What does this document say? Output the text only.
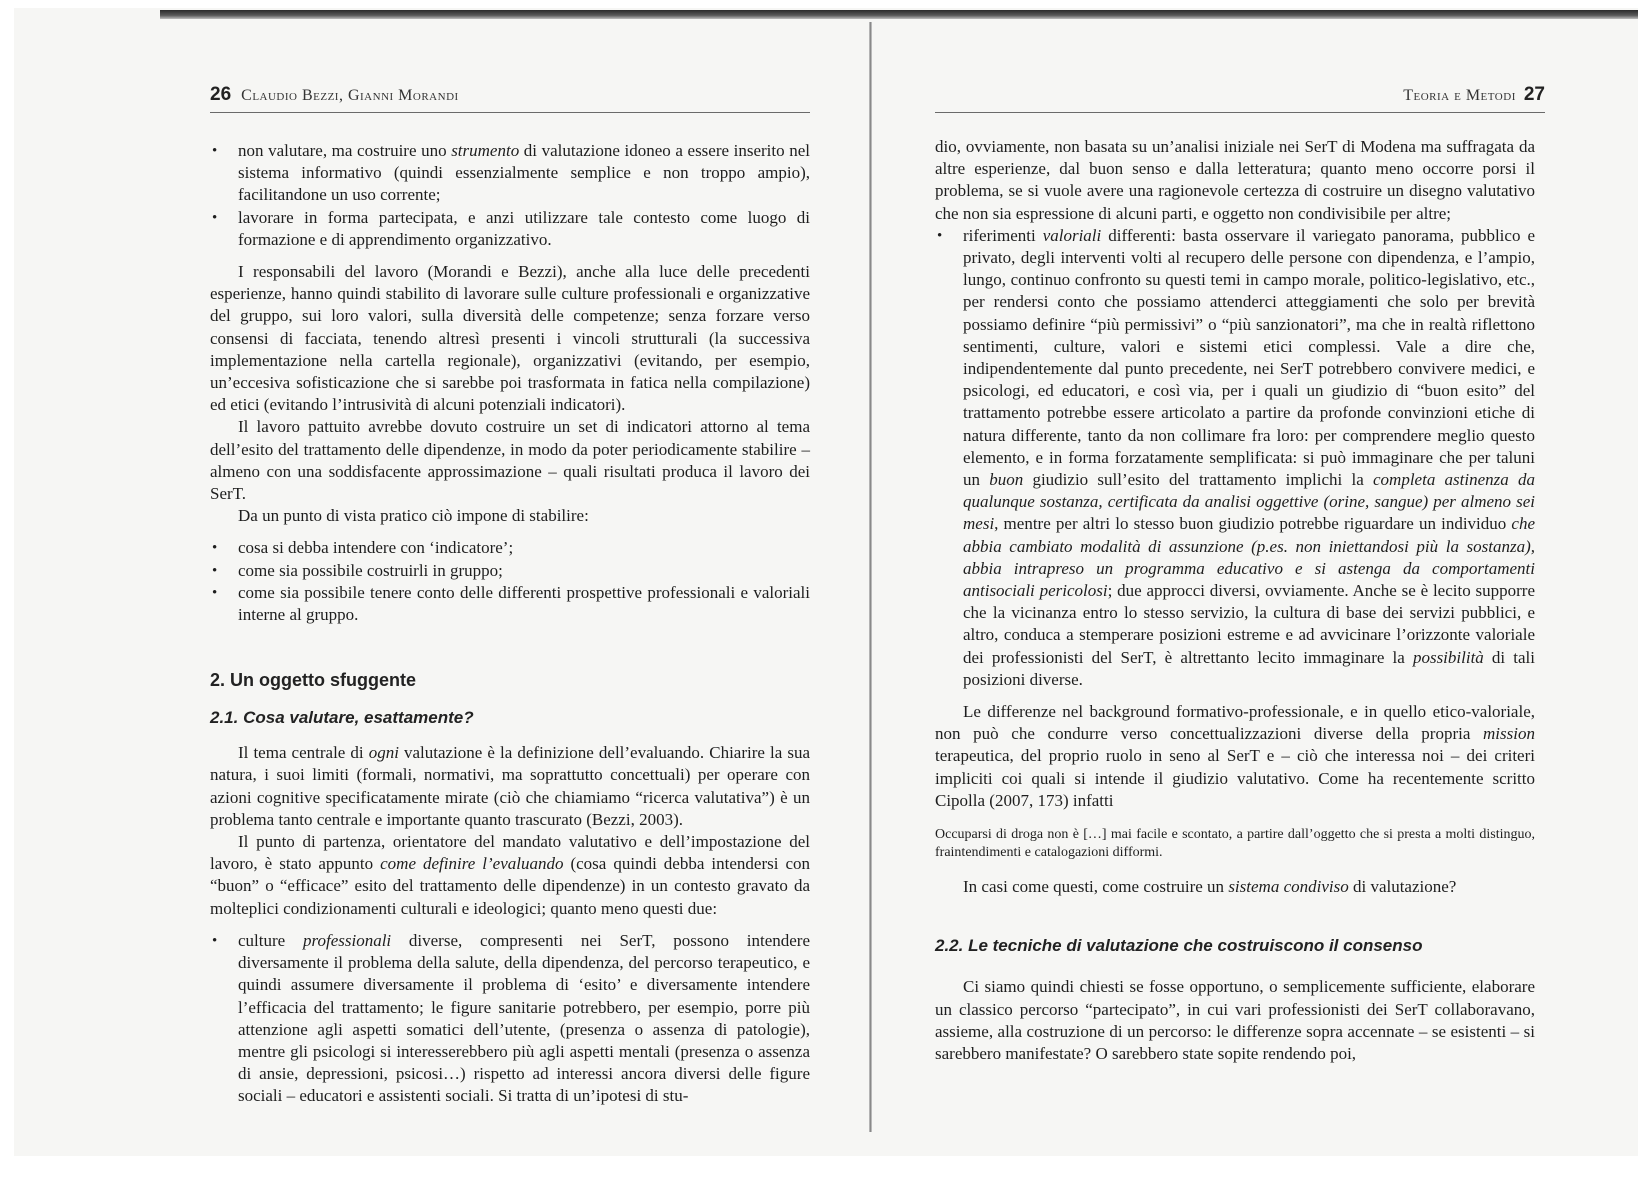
26 Claudio Bezzi, Gianni Morandi
• non valutare, ma costruire uno strumento di valutazione idoneo a essere inserito nel sistema informativo (quindi essenzialmente semplice e non troppo ampio), facilitandone un uso corrente;
• lavorare in forma partecipata, e anzi utilizzare tale contesto come luogo di formazione e di apprendimento organizzativo.

I responsabili del lavoro (Morandi e Bezzi), anche alla luce delle precedenti esperienze, hanno quindi stabilito di lavorare sulle culture professionali e organizzative del gruppo, sui loro valori, sulla diversità delle competenze; senza forzare verso consensi di facciata, tenendo altresì presenti i vincoli strutturali (la successiva implementazione nella cartella regionale), organizzativi (evitando, per esempio, un’eccesiva sofisticazione che si sarebbe poi trasformata in fatica nella compilazione) ed etici (evitando l’intrusività di alcuni potenziali indicatori).

Il lavoro pattuito avrebbe dovuto costruire un set di indicatori attorno al tema dell’esito del trattamento delle dipendenze, in modo da poter periodicamente stabilire – almeno con una soddisfacente approssimazione – quali risultati produca il lavoro dei SerT.

Da un punto di vista pratico ciò impone di stabilire:

• cosa si debba intendere con ‘indicatore’;
• come sia possibile costruirli in gruppo;
• come sia possibile tenere conto delle differenti prospettive professionali e valoriali interne al gruppo.
2. Un oggetto sfuggente
2.1. Cosa valutare, esattamente?

Il tema centrale di ogni valutazione è la definizione dell’evaluando. Chiarire la sua natura, i suoi limiti (formali, normativi, ma soprattutto concettuali) per operare con azioni cognitive specificatamente mirate (ciò che chiamiamo “ricerca valutativa”) è un problema tanto centrale e importante quanto trascurato (Bezzi, 2003).

Il punto di partenza, orientatore del mandato valutativo e dell’impostazione del lavoro, è stato appunto come definire l’evaluando (cosa quindi debba intendersi con “buon” o “efficace” esito del trattamento delle dipendenze) in un contesto gravato da molteplici condizionamenti culturali e ideologici; quanto meno questi due:

• culture professionali diverse, compresenti nei SerT, possono intendere diversamente il problema della salute, della dipendenza, del percorso terapeutico, e quindi assumere diversamente il problema di ‘esito’ e diversamente intendere l’efficacia del trattamento; le figure sanitarie potrebbero, per esempio, porre più attenzione agli aspetti somatici dell’utente, (presenza o assenza di patologie), mentre gli psicologi si interesserebbero più agli aspetti mentali (presenza o assenza di ansie, depressioni, psicosi…) rispetto ad interessi ancora diversi delle figure sociali – educatori e assistenti sociali. Si tratta di un’ipotesi di stu-
Teoria e Metodi 27

dio, ovviamente, non basata su un’analisi iniziale nei SerT di Modena ma suffragata da altre esperienze, dal buon senso e dalla letteratura; quanto meno occorre porsi il problema, se si vuole avere una ragionevole certezza di costruire un disegno valutativo che non sia espressione di alcuni parti, e oggetto non condivisibile per altre;

• riferimenti valoriali differenti: basta osservare il variegato panorama, pubblico e privato, degli interventi volti al recupero delle persone con dipendenza, e l’ampio, lungo, continuo confronto su questi temi in campo morale, politico-legislativo, etc., per rendersi conto che possiamo attenderci atteggiamenti che solo per brevità possiamo definire “più permissivi” o “più sanzionatori”, ma che in realtà riflettono sentimenti, culture, valori e sistemi etici complessi. Vale a dire che, indipendentemente dal punto precedente, nei SerT potrebbero convivere medici, e psicologi, ed educatori, e così via, per i quali un giudizio di “buon esito” del trattamento potrebbe essere articolato a partire da profonde convinzioni etiche di natura differente, tanto da non collimare fra loro: per comprendere meglio questo elemento, e in forma forzatamente semplificata: si può immaginare che per taluni un buon giudizio sull’esito del trattamento implichi la completa astinenza da qualunque sostanza, certificata da analisi oggettive (orine, sangue) per almeno sei mesi, mentre per altri lo stesso buon giudizio potrebbe riguardare un individuo che abbia cambiato modalità di assunzione (p.es. non iniettandosi più la sostanza), abbia intrapreso un programma educativo e si astenga da comportamenti antisociali pericolosi; due approcci diversi, ovviamente. Anche se è lecito supporre che la vicinanza entro lo stesso servizio, la cultura di base dei servizi pubblici, e altro, conduca a stemperare posizioni estreme e ad avvicinare l’orizzonte valoriale dei professionisti del SerT, è altrettanto lecito immaginare la possibilità di tali posizioni diverse.

Le differenze nel background formativo-professionale, e in quello etico-valoriale, non può che condurre verso concettualizzazioni diverse della propria mission terapeutica, del proprio ruolo in seno al SerT e – ciò che interessa noi – dei criteri impliciti coi quali si intende il giudizio valutativo. Come ha recentemente scritto Cipolla (2007, 173) infatti

Occuparsi di droga non è […] mai facile e scontato, a partire dall’oggetto che si presta a molti distinguo, fraintendimenti e catalogazioni difformi.

In casi come questi, come costruire un sistema condiviso di valutazione?

2.2. Le tecniche di valutazione che costruiscono il consenso

Ci siamo quindi chiesti se fosse opportuno, o semplicemente sufficiente, elaborare un classico percorso “partecipato”, in cui vari professionisti dei SerT collaboravano, assieme, alla costruzione di un percorso: le differenze sopra accennate – se esistenti – si sarebbero manifestate? O sarebbero state sopite rendendo poi,
